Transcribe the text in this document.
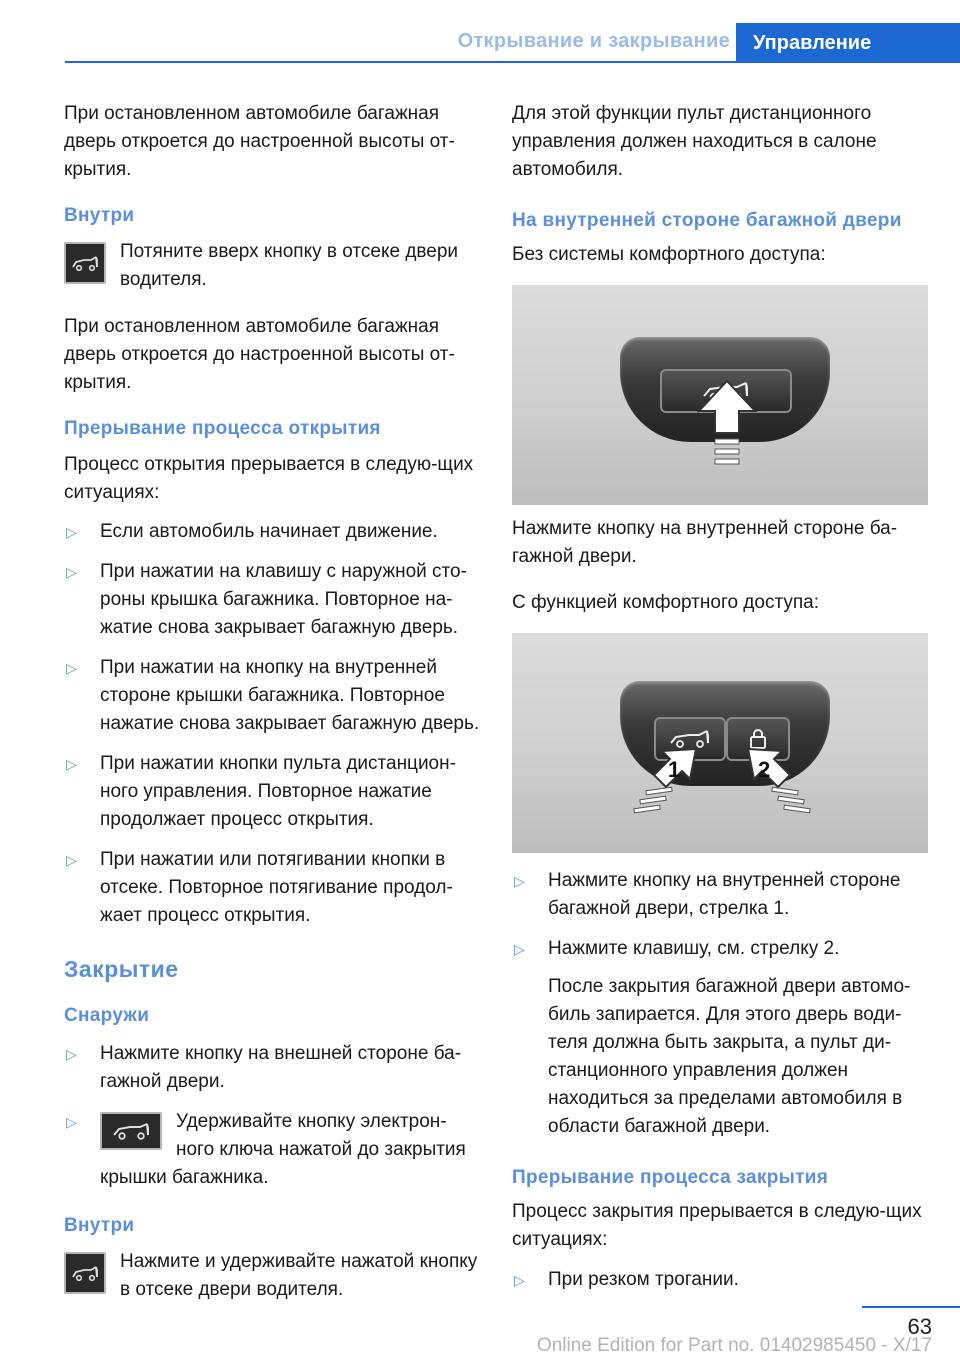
Открывание и закрывание	Управление

При остановленном автомобиле багажная дверь откроется до настроенной высоты от-крытия.

Внутри

Потяните вверх кнопку в отсеке двери водителя.

При остановленном автомобиле багажная дверь откроется до настроенной высоты от-крытия.

Прерывание процесса открытия

Процесс открытия прерывается в следую-щих ситуациях:

▷ Если автомобиль начинает движение.
▷ При нажатии на клавишу с наружной сто-роны крышка багажника. Повторное на-жатие снова закрывает багажную дверь.
▷ При нажатии на кнопку на внутренней стороне крышки багажника. Повторное нажатие снова закрывает багажную дверь.
▷ При нажатии кнопки пульта дистанцион-ного управления. Повторное нажатие продолжает процесс открытия.
▷ При нажатии или потягивании кнопки в отсеке. Повторное потягивание продол-жает процесс открытия.
Закрытие
Снаружи
▷ Нажмите кнопку на внешней стороне ба-гажной двери.
▷	Удерживайте кнопку электрон-ного ключа нажатой до закрытия крышки багажника.
Внутри

Нажмите и удерживайте нажатой кнопку в отсеке двери водителя.

Для этой функции пульт дистанционного управления должен находиться в салоне автомобиля.

На внутренней стороне багажной двери

Без системы комфортного доступа:

Нажмите кнопку на внутренней стороне ба-гажной двери.

С функцией комфортного доступа:

1	2
▷ Нажмите кнопку на внутренней стороне багажной двери, стрелка 1.
▷ Нажмите клавишу, см. стрелку 2.
После закрытия багажной двери автомо-биль запирается. Для этого дверь води-теля должна быть закрыта, а пульт ди-станционного управления должен находиться за пределами автомобиля в области багажной двери.
Прерывание процесса закрытия

Процесс закрытия прерывается в следую-щих ситуациях:

▷ При резком трогании.
63
Online Edition for Part no. 01402985450 - X/17
